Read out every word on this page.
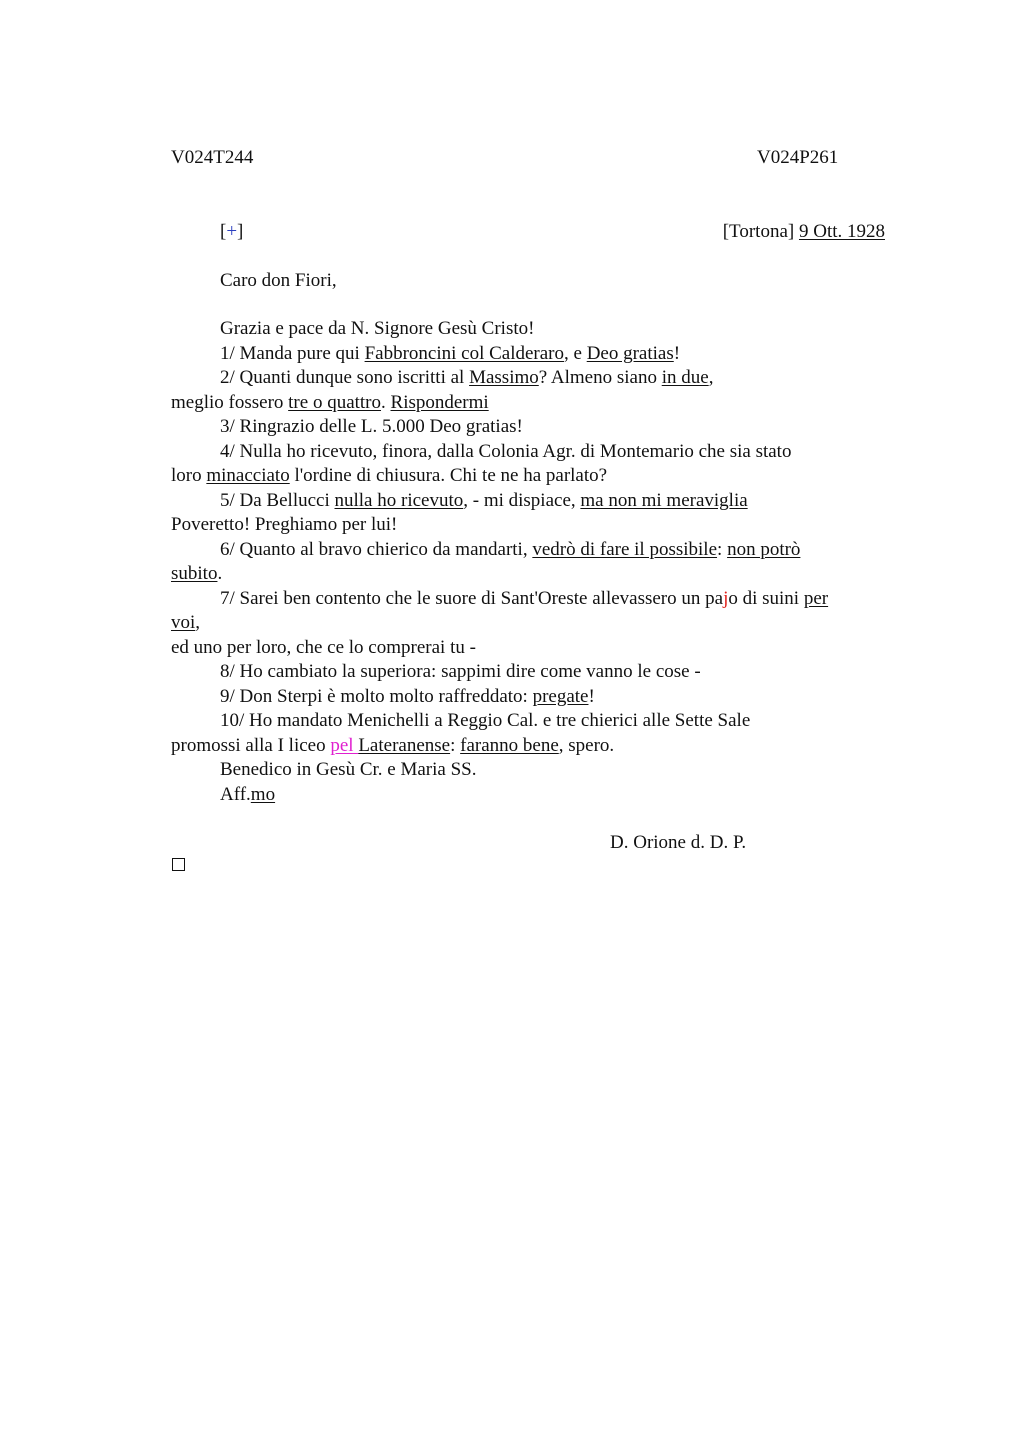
V024T244	V024P261
[+]	[Tortona] 9 Ott. 1928
Caro don Fiori,
Grazia e pace da N. Signore Gesù Cristo!
1/ Manda pure qui Fabbroncini col Calderaro, e Deo gratias!
2/ Quanti dunque sono iscritti al Massimo? Almeno siano in due,
meglio fossero tre o quattro. Rispondermi
3/ Ringrazio delle L. 5.000 Deo gratias!
4/ Nulla ho ricevuto, finora, dalla Colonia Agr. di Montemario che sia stato
loro minacciato l'ordine di chiusura. Chi te ne ha parlato?
5/ Da Bellucci nulla ho ricevuto, - mi dispiace, ma non mi meraviglia
Poveretto! Preghiamo per lui!
6/ Quanto al bravo chierico da mandarti, vedrò di fare il possibile: non potrò
subito.
7/ Sarei ben contento che le suore di Sant'Oreste allevassero un pajo di suini per
voi,
ed uno per loro, che ce lo comprerai tu -
8/ Ho cambiato la superiora: sappimi dire come vanno le cose -
9/ Don Sterpi è molto molto raffreddato: pregate!
10/ Ho mandato Menichelli a Reggio Cal. e tre chierici alle Sette Sale
promossi alla I liceo pel Lateranense: faranno bene, spero.
Benedico in Gesù Cr. e Maria SS.
Aff.mo
D. Orione d. D. P.
